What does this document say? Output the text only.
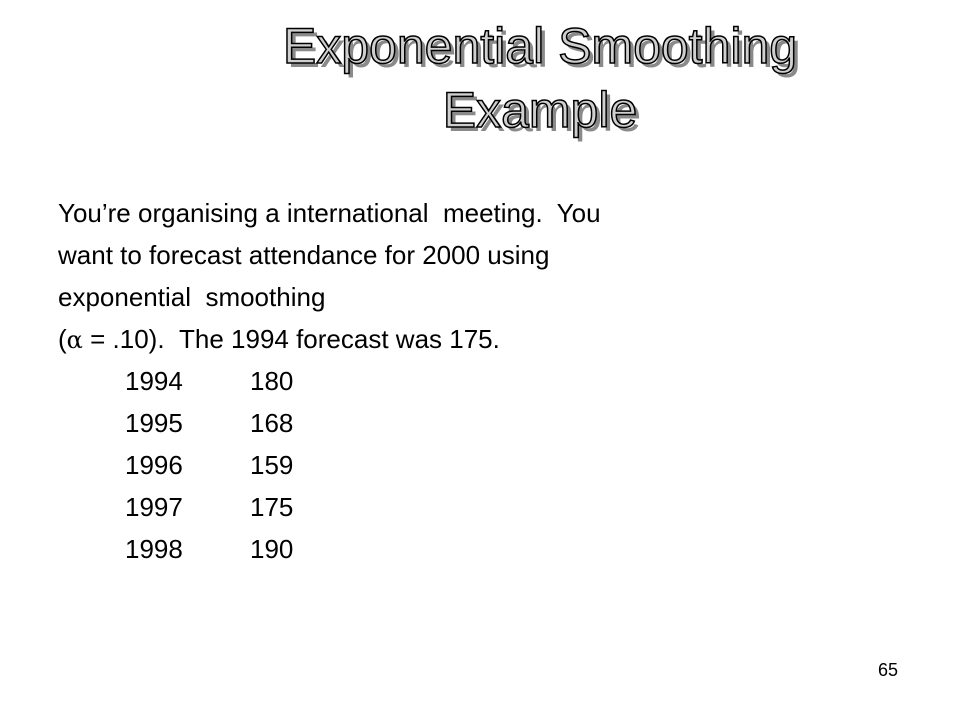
Exponential Smoothing
Example
You’re organising a international  meeting.  You
want to forecast attendance for 2000 using
exponential  smoothing
(α = .10).  The 1994 forecast was 175.
1994	180
1995	168
1996	159
1997	175
1998	190
65
